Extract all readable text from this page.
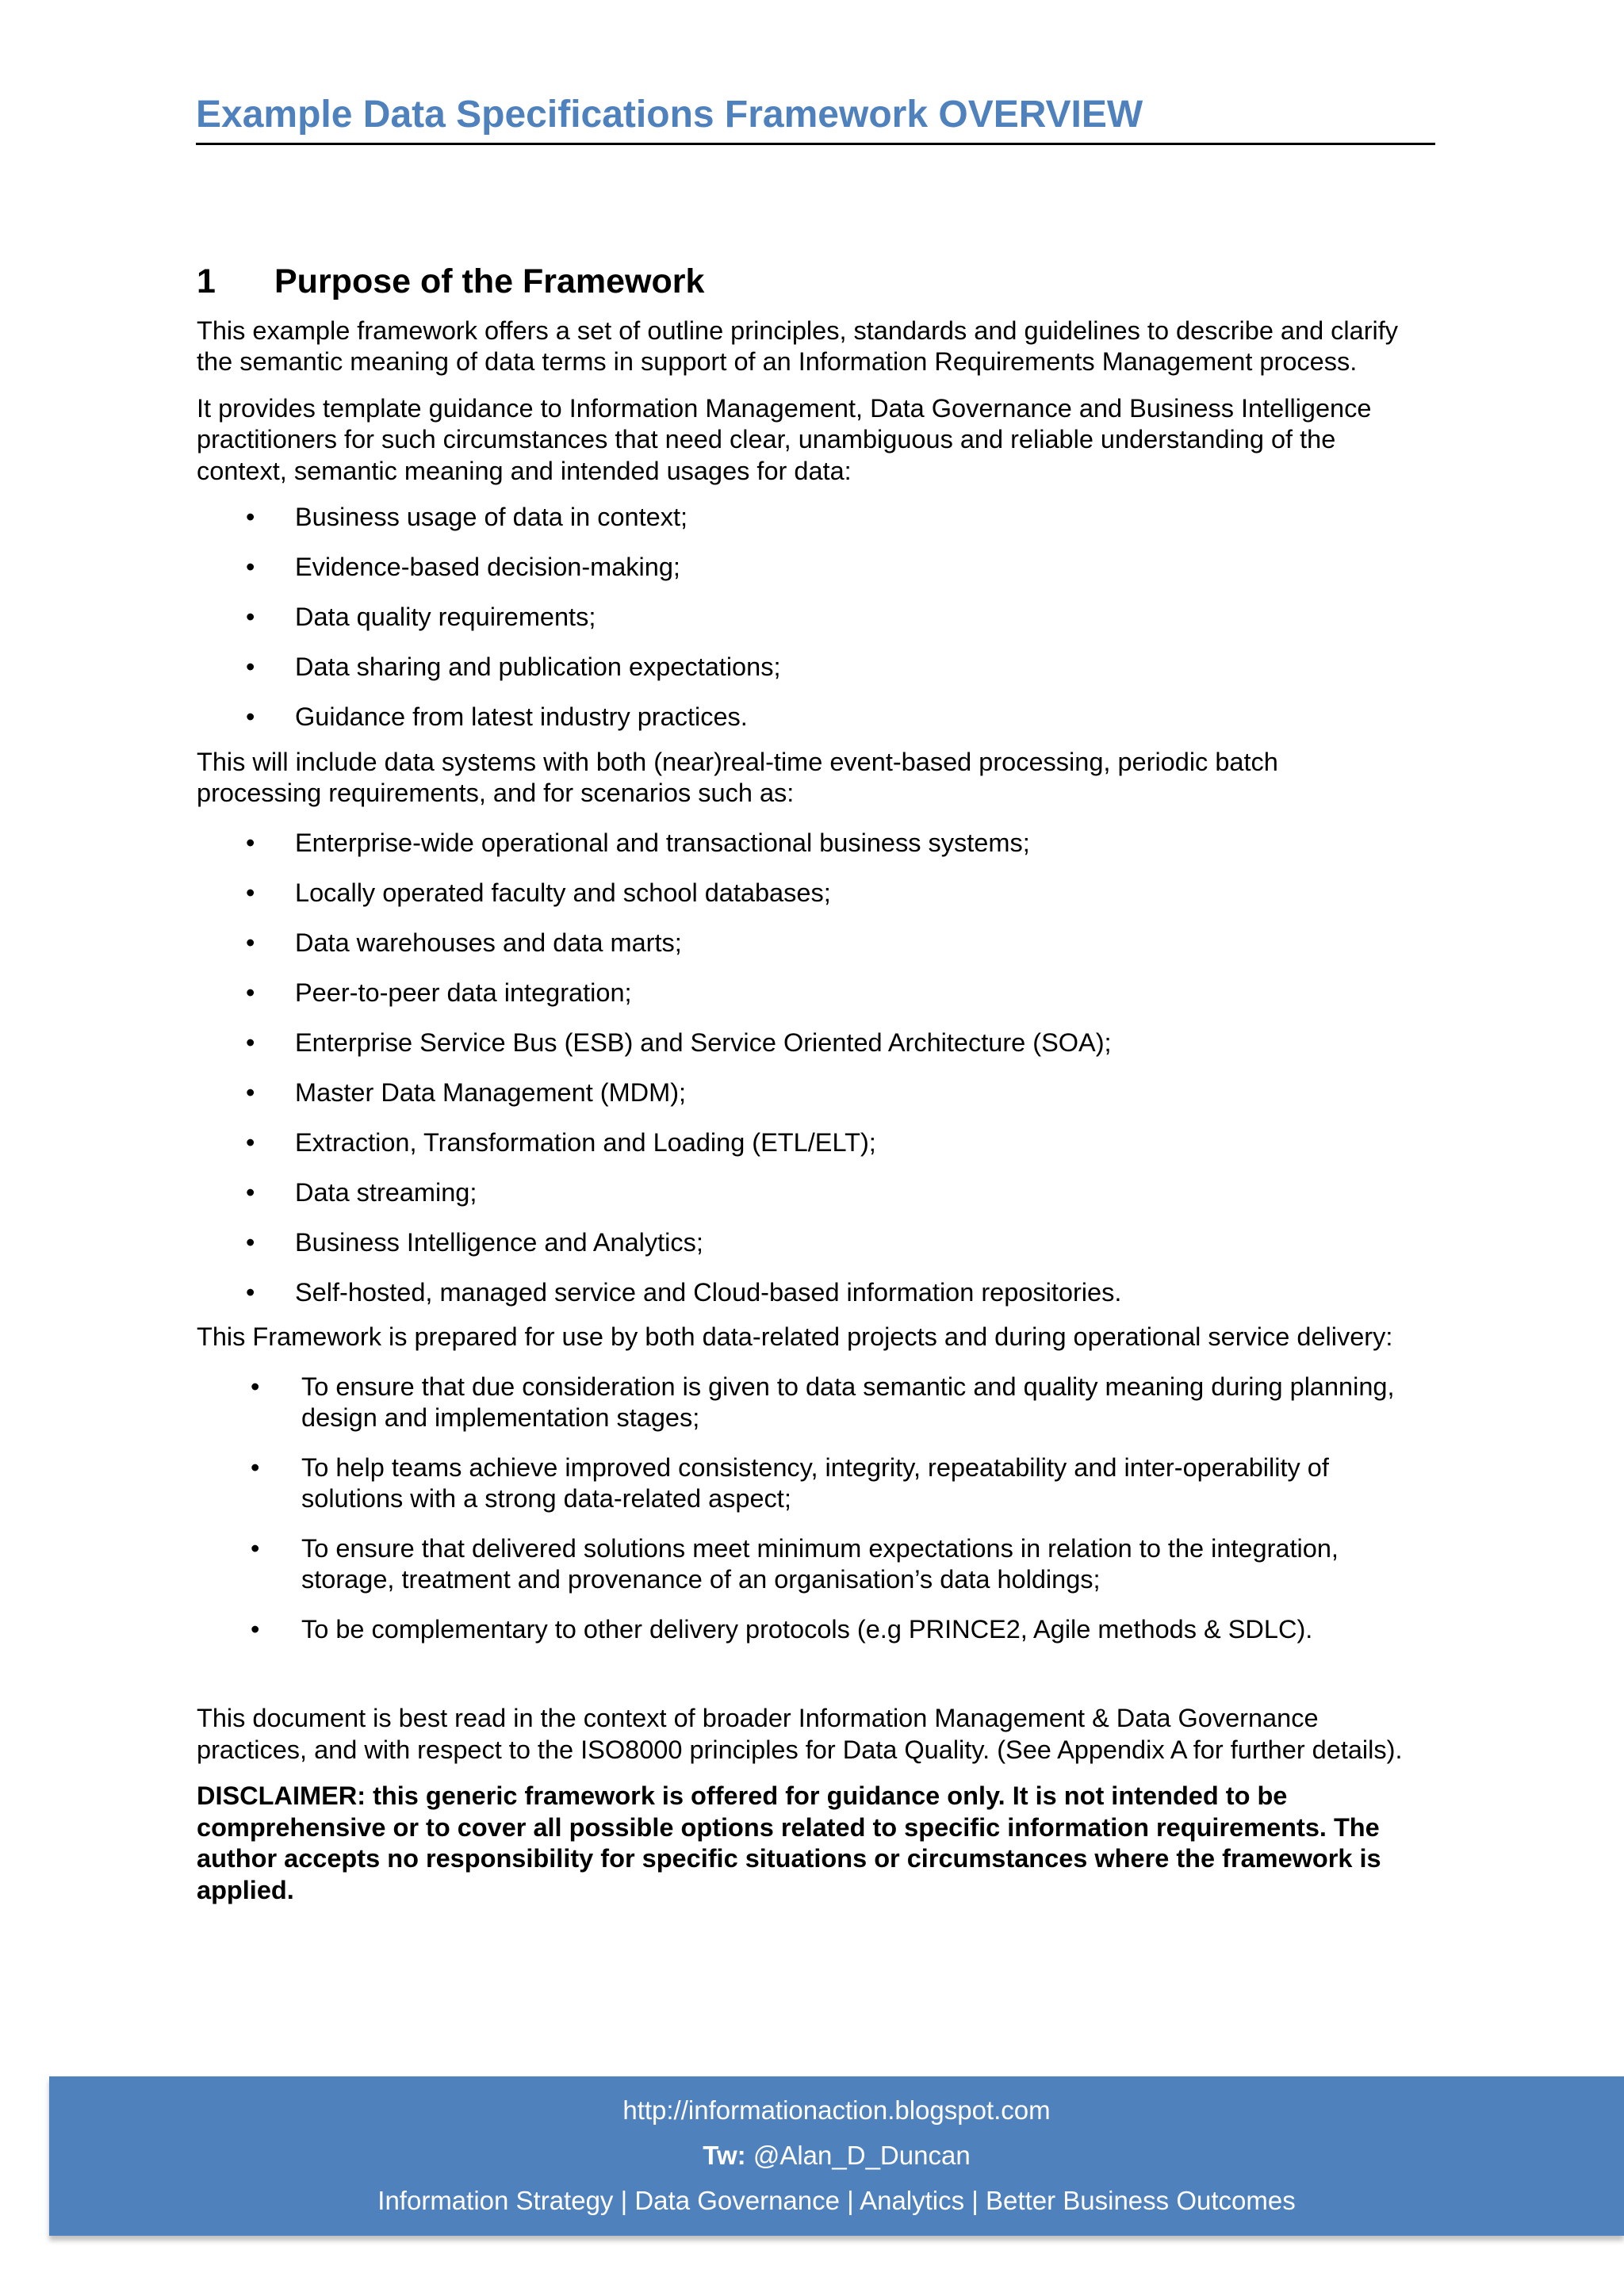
Example Data Specifications Framework OVERVIEW
1	Purpose of the Framework

This example framework offers a set of outline principles, standards and guidelines to describe and clarify the semantic meaning of data terms in support of an Information Requirements Management process.

It provides template guidance to Information Management, Data Governance and Business Intelligence practitioners for such circumstances that need clear, unambiguous and reliable understanding of the context, semantic meaning and intended usages for data:

• Business usage of data in context;
• Evidence-based decision-making;
• Data quality requirements;
• Data sharing and publication expectations;
• Guidance from latest industry practices.

This will include data systems with both (near)real-time event-based processing, periodic batch processing requirements, and for scenarios such as:

• Enterprise-wide operational and transactional business systems;
• Locally operated faculty and school databases;
• Data warehouses and data marts;
• Peer-to-peer data integration;
• Enterprise Service Bus (ESB) and Service Oriented Architecture (SOA);
• Master Data Management (MDM);
• Extraction, Transformation and Loading (ETL/ELT);
• Data streaming;
• Business Intelligence and Analytics;
• Self-hosted, managed service and Cloud-based information repositories.

This Framework is prepared for use by both data-related projects and during operational service delivery:

• To ensure that due consideration is given to data semantic and quality meaning during planning, design and implementation stages;
• To help teams achieve improved consistency, integrity, repeatability and inter-operability of solutions with a strong data-related aspect;
• To ensure that delivered solutions meet minimum expectations in relation to the integration, storage, treatment and provenance of an organisation’s data holdings;
• To be complementary to other delivery protocols (e.g PRINCE2, Agile methods & SDLC).

This document is best read in the context of broader Information Management & Data Governance practices, and with respect to the ISO8000 principles for Data Quality. (See Appendix A for further details).

DISCLAIMER: this generic framework is offered for guidance only. It is not intended to be comprehensive or to cover all possible options related to specific information requirements. The author accepts no responsibility for specific situations or circumstances where the framework is applied.

http://informationaction.blogspot.com
Tw: @Alan_D_Duncan
Information Strategy | Data Governance | Analytics | Better Business Outcomes
